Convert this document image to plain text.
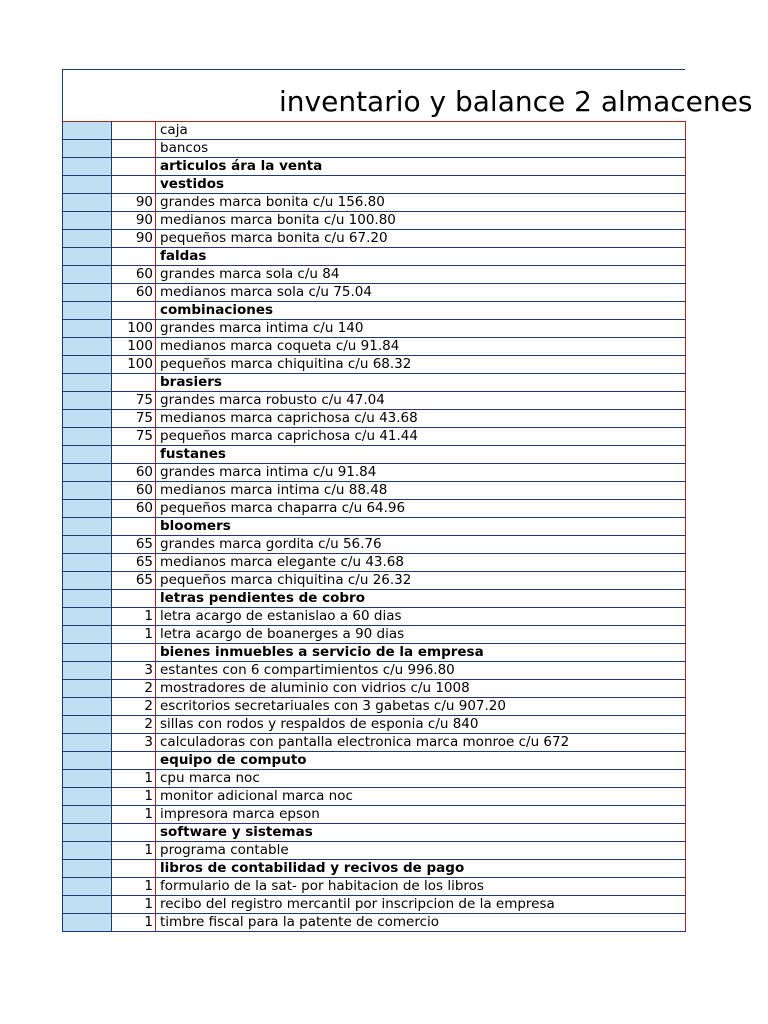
inventario y balance 2 almacenes
		caja
		bancos
		articulos ára la venta
		vestidos
	90	grandes marca bonita c/u 156.80
	90	medianos marca bonita c/u 100.80
	90	pequeños marca bonita c/u 67.20
		faldas
	60	grandes marca sola c/u 84
	60	medianos marca sola c/u 75.04
		combinaciones
	100	grandes marca intima c/u 140
	100	medianos marca coqueta c/u 91.84
	100	pequeños marca chiquitina c/u 68.32
		brasiers
	75	grandes marca robusto c/u 47.04
	75	medianos marca caprichosa c/u 43.68
	75	pequeños marca caprichosa c/u 41.44
		fustanes
	60	grandes marca intima c/u 91.84
	60	medianos marca intima c/u 88.48
	60	pequeños marca chaparra c/u 64.96
		bloomers
	65	grandes marca gordita c/u 56.76
	65	medianos marca elegante c/u 43.68
	65	pequeños marca chiquitina c/u 26.32
		letras pendientes de cobro
	1	letra acargo de estanislao a 60 dias
	1	letra acargo de boanerges a 90 dias
		bienes inmuebles a servicio de la empresa
	3	estantes con 6 compartimientos c/u 996.80
	2	mostradores de aluminio con vidrios c/u 1008
	2	escritorios secretariuales con 3 gabetas c/u 907.20
	2	sillas con rodos y respaldos de esponia c/u 840
	3	calculadoras con pantalla electronica marca monroe c/u 672
		equipo de computo
	1	cpu marca noc
	1	monitor adicional marca noc
	1	impresora marca epson
		software y sistemas
	1	programa contable
		libros de contabilidad y recivos de pago
	1	formulario de la sat- por habitacion de los libros
	1	recibo del registro mercantil por inscripcion de la empresa
	1	timbre fiscal para la patente de comercio
